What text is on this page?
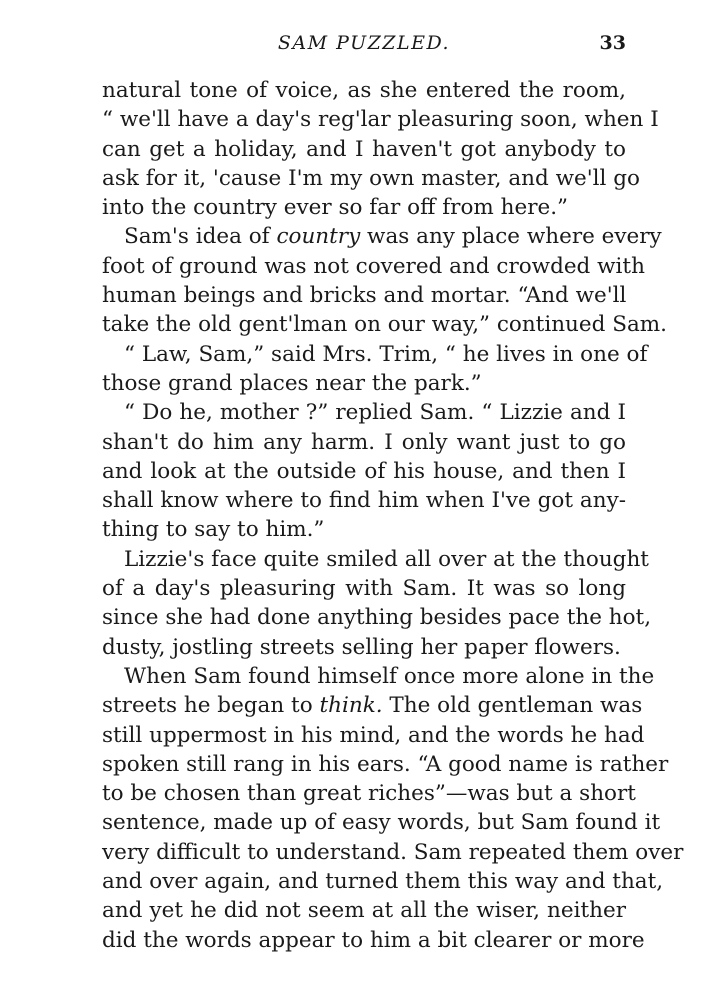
SAM PUZZLED.	33
natural tone of voice, as she entered the room,
“ we'll have a day's reg'lar pleasuring soon, when I
can get a holiday, and I haven't got anybody to
ask for it, 'cause I'm my own master, and we'll go
into the country ever so far off from here.”
Sam's idea of country was any place where every
foot of ground was not covered and crowded with
human beings and bricks and mortar. “And we'll
take the old gent'lman on our way,” continued Sam.
“ Law, Sam,” said Mrs. Trim, “ he lives in one of
those grand places near the park.”
“ Do he, mother ?” replied Sam. “ Lizzie and I
shan't do him any harm. I only want just to go
and look at the outside of his house, and then I
shall know where to find him when I've got any-
thing to say to him.”
Lizzie's face quite smiled all over at the thought
of a day's pleasuring with Sam. It was so long
since she had done anything besides pace the hot,
dusty, jostling streets selling her paper flowers.
When Sam found himself once more alone in the
streets he began to think. The old gentleman was
still uppermost in his mind, and the words he had
spoken still rang in his ears. “A good name is rather
to be chosen than great riches”—was but a short
sentence, made up of easy words, but Sam found it
very difficult to understand. Sam repeated them over
and over again, and turned them this way and that,
and yet he did not seem at all the wiser, neither
did the words appear to him a bit clearer or more
